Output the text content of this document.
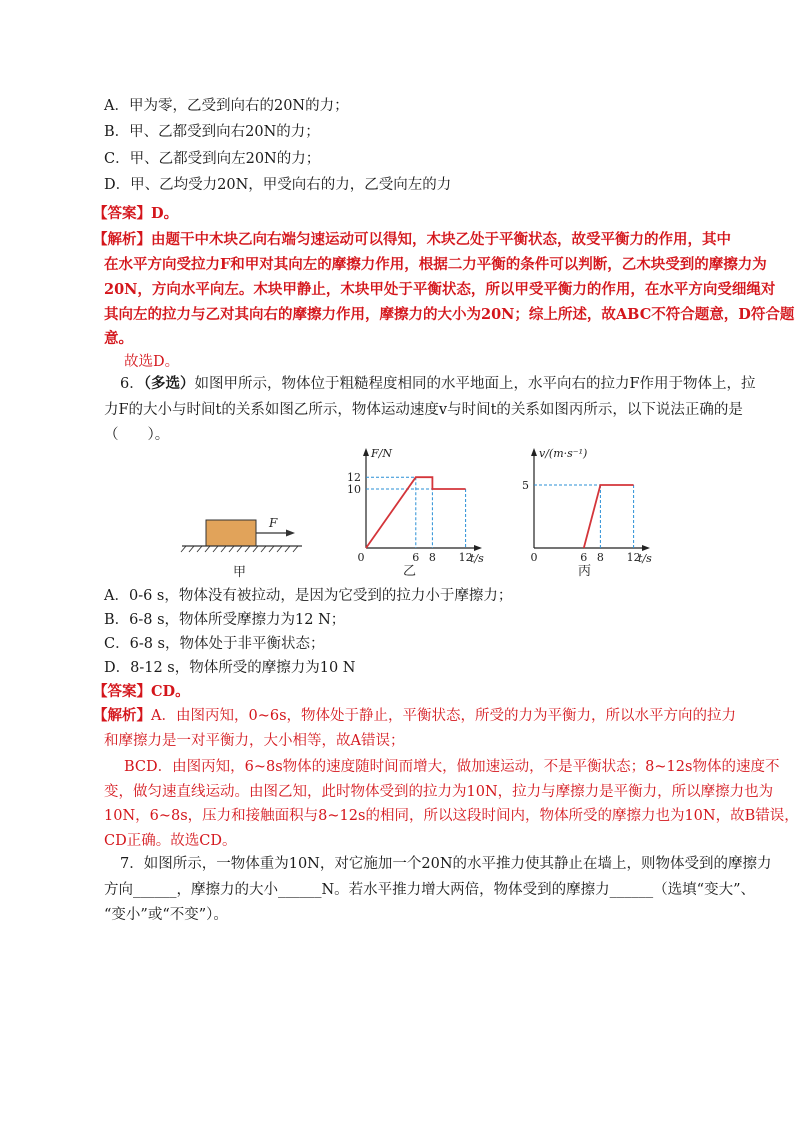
A．甲为零，乙受到向右的20N的力；
B．甲、乙都受到向右20N的力；
C．甲、乙都受到向左20N的力；
D．甲、乙均受力20N，甲受向右的力，乙受向左的力
【答案】D。
【解析】由题干中木块乙向右端匀速运动可以得知，木块乙处于平衡状态，故受平衡力的作用，其中
在水平方向受拉力F和甲对其向左的摩擦力作用，根据二力平衡的条件可以判断，乙木块受到的摩擦力为
20N，方向水平向左。木块甲静止，木块甲处于平衡状态，所以甲受平衡力的作用，在水平方向受细绳对
其向左的拉力与乙对其向右的摩擦力作用，摩擦力的大小为20N；综上所述，故ABC不符合题意，D符合题
意。
故选D。
6．（多选）如图甲所示，物体位于粗糙程度相同的水平地面上，水平向右的拉力F作用于物体上，拉
力F的大小与时间t的关系如图乙所示，物体运动速度v与时间t的关系如图丙所示，以下说法正确的是
（　　）。
F
甲
F/N
t/s
0
12
10
6 8 12
乙
v/(m·s⁻¹)
t/s
0
5
6 8 12
丙
A．0-6 s，物体没有被拉动，是因为它受到的拉力小于摩擦力；
B．6-8 s，物体所受摩擦力为12 N；
C．6-8 s，物体处于非平衡状态；
D．8-12 s，物体所受的摩擦力为10 N
【答案】CD。
【解析】A．由图丙知，0~6s，物体处于静止，平衡状态，所受的力为平衡力，所以水平方向的拉力
和摩擦力是一对平衡力，大小相等，故A错误；
BCD．由图丙知，6~8s物体的速度随时间而增大，做加速运动，不是平衡状态；8~12s物体的速度不
变，做匀速直线运动。由图乙知，此时物体受到的拉力为10N，拉力与摩擦力是平衡力，所以摩擦力也为
10N，6~8s，压力和接触面积与8~12s的相同，所以这段时间内，物体所受的摩擦力也为10N，故B错误，
CD正确。故选CD。
7．如图所示，一物体重为10N，对它施加一个20N的水平推力使其静止在墙上，则物体受到的摩擦力
方向______，摩擦力的大小______N。若水平推力增大两倍，物体受到的摩擦力______（选填“变大”、
“变小”或“不变”）。
